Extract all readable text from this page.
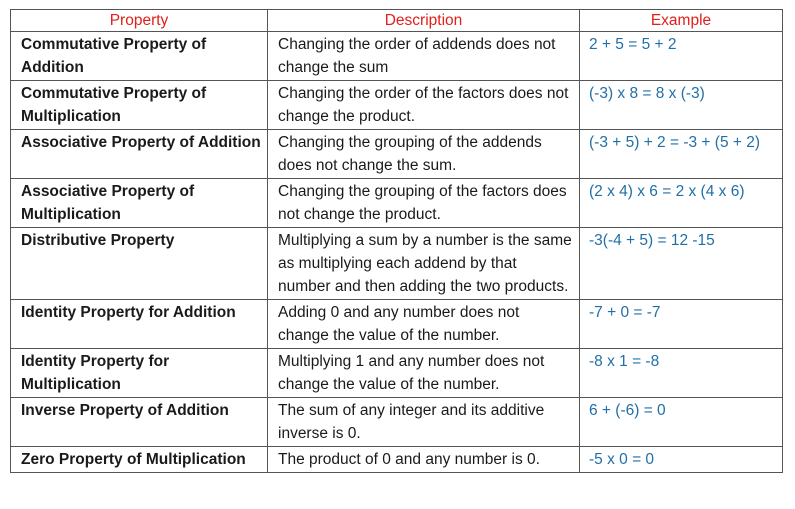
Property	Description	Example
Commutative Property of Addition	Changing the order of addends does not change the sum	2 + 5 = 5 + 2
Commutative Property of Multiplication	Changing the order of the factors does not change the product.	(-3) x 8 = 8 x (-3)
Associative Property of Addition	Changing the grouping of the addends does not change the sum.	(-3 + 5) + 2 = -3 + (5 + 2)
Associative Property of Multiplication	Changing the grouping of the factors does not change the product.	(2 x 4) x 6 = 2 x (4 x 6)
Distributive Property	Multiplying a sum by a number is the same as multiplying each addend by that number and then adding the two products.	-3(-4 + 5) = 12 -15
Identity Property for Addition	Adding 0 and any number does not change the value of the number.	-7 + 0 = -7
Identity Property for Multiplication	Multiplying 1 and any number does not change the value of the number.	-8 x 1 = -8
Inverse Property of Addition	The sum of any integer and its additive inverse is 0.	6 + (-6) = 0
Zero Property of Multiplication	The product of 0 and any number is 0.	-5 x 0 = 0
